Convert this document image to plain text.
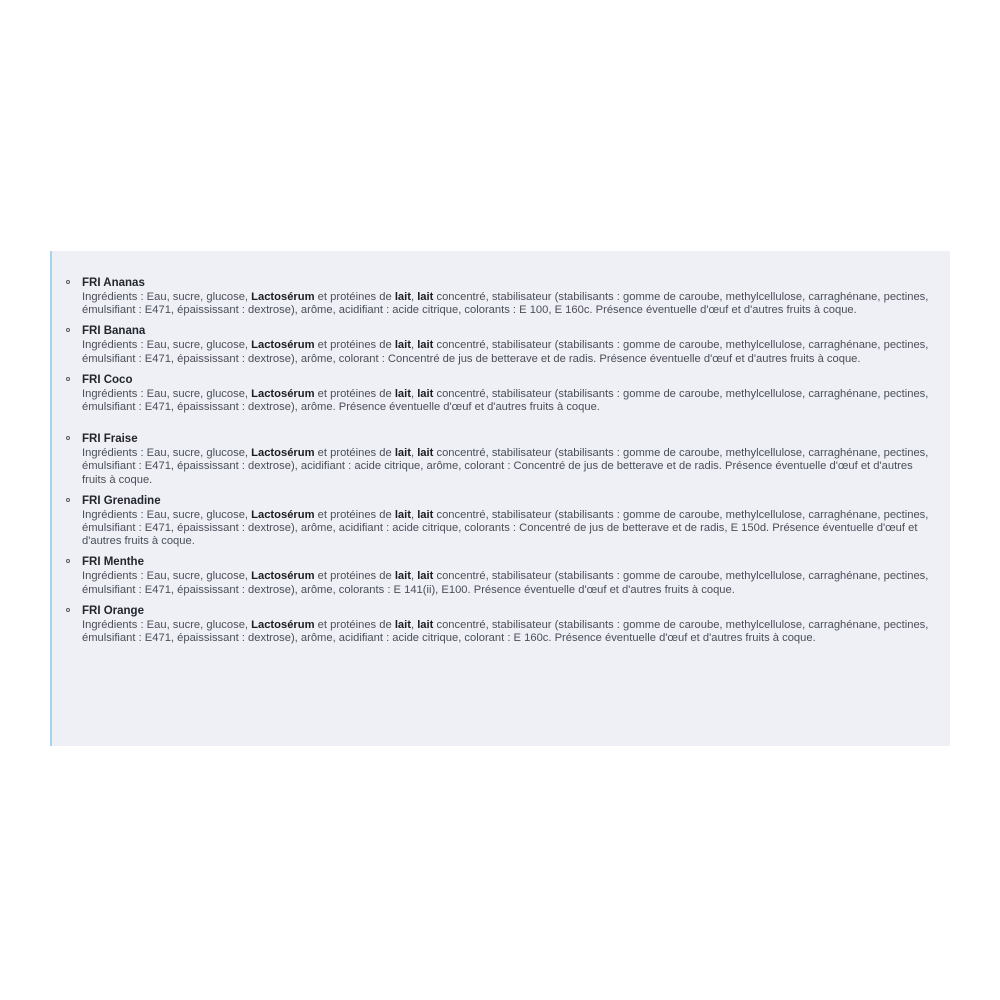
FRI Ananas

Ingrédients : Eau, sucre, glucose, Lactosérum et protéines de lait, lait concentré, stabilisateur (stabilisants : gomme de caroube, methylcellulose, carraghénane, pectines, émulsifiant : E471, épaississant : dextrose), arôme, acidifiant : acide citrique, colorants : E 100, E 160c. Présence éventuelle d'œuf et d'autres fruits à coque.

FRI Banana

Ingrédients : Eau, sucre, glucose, Lactosérum et protéines de lait, lait concentré, stabilisateur (stabilisants : gomme de caroube, methylcellulose, carraghénane, pectines, émulsifiant : E471, épaississant : dextrose), arôme, colorant : Concentré de jus de betterave et de radis. Présence éventuelle d'œuf et d'autres fruits à coque.

FRI Coco

Ingrédients : Eau, sucre, glucose, Lactosérum et protéines de lait, lait concentré, stabilisateur (stabilisants : gomme de caroube, methylcellulose, carraghénane, pectines, émulsifiant : E471, épaississant : dextrose), arôme. Présence éventuelle d'œuf et d'autres fruits à coque.

FRI Fraise

Ingrédients : Eau, sucre, glucose, Lactosérum et protéines de lait, lait concentré, stabilisateur (stabilisants : gomme de caroube, methylcellulose, carraghénane, pectines, émulsifiant : E471, épaississant : dextrose), acidifiant : acide citrique, arôme, colorant : Concentré de jus de betterave et de radis. Présence éventuelle d'œuf et d'autres fruits à coque.

FRI Grenadine

Ingrédients : Eau, sucre, glucose, Lactosérum et protéines de lait, lait concentré, stabilisateur (stabilisants : gomme de caroube, methylcellulose, carraghénane, pectines, émulsifiant : E471, épaississant : dextrose), arôme, acidifiant : acide citrique, colorants : Concentré de jus de betterave et de radis, E 150d. Présence éventuelle d'œuf et d'autres fruits à coque.

FRI Menthe

Ingrédients : Eau, sucre, glucose, Lactosérum et protéines de lait, lait concentré, stabilisateur (stabilisants : gomme de caroube, methylcellulose, carraghénane, pectines, émulsifiant : E471, épaississant : dextrose), arôme, colorants : E 141(ii), E100. Présence éventuelle d'œuf et d'autres fruits à coque.

FRI Orange

Ingrédients : Eau, sucre, glucose, Lactosérum et protéines de lait, lait concentré, stabilisateur (stabilisants : gomme de caroube, methylcellulose, carraghénane, pectines, émulsifiant : E471, épaississant : dextrose), arôme, acidifiant : acide citrique, colorant : E 160c. Présence éventuelle d'œuf et d'autres fruits à coque.
